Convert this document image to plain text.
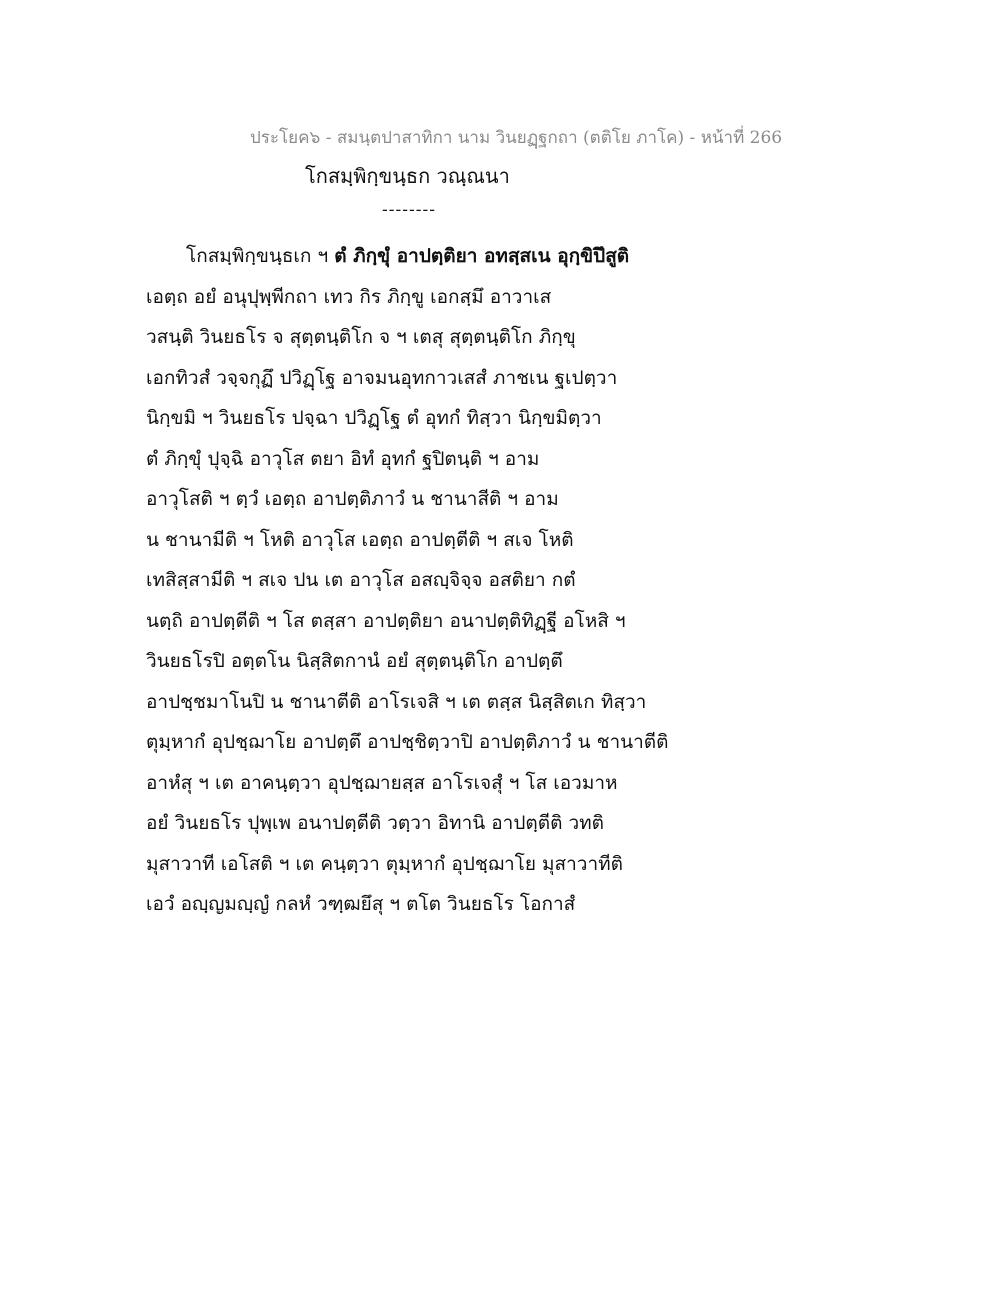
ประโยค๖ - สมนฺตปาสาทิกา นาม วินยฏฺฐกถา (ตติโย ภาโค) - หน้าที่ 266
โกสมฺพิกฺขนฺธก วณฺณนา
--------
โกสมฺพิกฺขนฺธเก ฯ ตํ ภิกฺขุํ อาปตฺติยา อทสฺสเน อุกฺขิปึสูติ
เอตฺถ อยํ อนุปุพฺพีกถา เทว กิร ภิกฺขู เอกสฺมึ อาวาเส
วสนฺติ วินยธโร จ สุตฺตนฺติโก จ ฯ เตสุ สุตฺตนฺติโก ภิกฺขุ
เอกทิวสํ วจฺจกุฏึ ปวิฏฺโฐ อาจมนอุทกาวเสสํ ภาชเน ฐเปตฺวา
นิกฺขมิ ฯ วินยธโร ปจฺฉา ปวิฏฺโฐ ตํ อุทกํ ทิสฺวา นิกฺขมิตฺวา
ตํ ภิกฺขุํ ปุจฺฉิ อาวุโส ตยา อิทํ อุทกํ ฐปิตนฺติ ฯ อาม
อาวุโสติ ฯ ตฺวํ เอตฺถ อาปตฺติภาวํ น ชานาสีติ ฯ อาม
น ชานามีติ ฯ โหติ อาวุโส เอตฺถ อาปตฺตีติ ฯ สเจ โหติ
เทสิสฺสามีติ ฯ สเจ ปน เต อาวุโส อสญฺจิจฺจ อสติยา กตํ
นตฺถิ อาปตฺตีติ ฯ โส ตสฺสา อาปตฺติยา อนาปตฺติทิฏฺฐี อโหสิ ฯ
วินยธโรปิ อตฺตโน นิสฺสิตกานํ อยํ สุตฺตนฺติโก อาปตฺตึ
อาปชฺชมาโนปิ น ชานาตีติ อาโรเจสิ ฯ เต ตสฺส นิสฺสิตเก ทิสฺวา
ตุมฺหากํ อุปชฺฌาโย อาปตฺตึ อาปชฺชิตฺวาปิ อาปตฺติภาวํ น ชานาตีติ
อาหํสุ ฯ เต อาคนฺตฺวา อุปชฺฌายสฺส อาโรเจสุํ ฯ โส เอวมาห
อยํ วินยธโร ปุพฺเพ อนาปตฺตีติ วตฺวา อิทานิ อาปตฺตีติ วทติ
มุสาวาที เอโสติ ฯ เต คนฺตฺวา ตุมฺหากํ อุปชฺฌาโย มุสาวาทีติ
เอวํ อญฺญมญฺญํ กลหํ วฑฺฒยึสุ ฯ ตโต วินยธโร โอกาสํ
